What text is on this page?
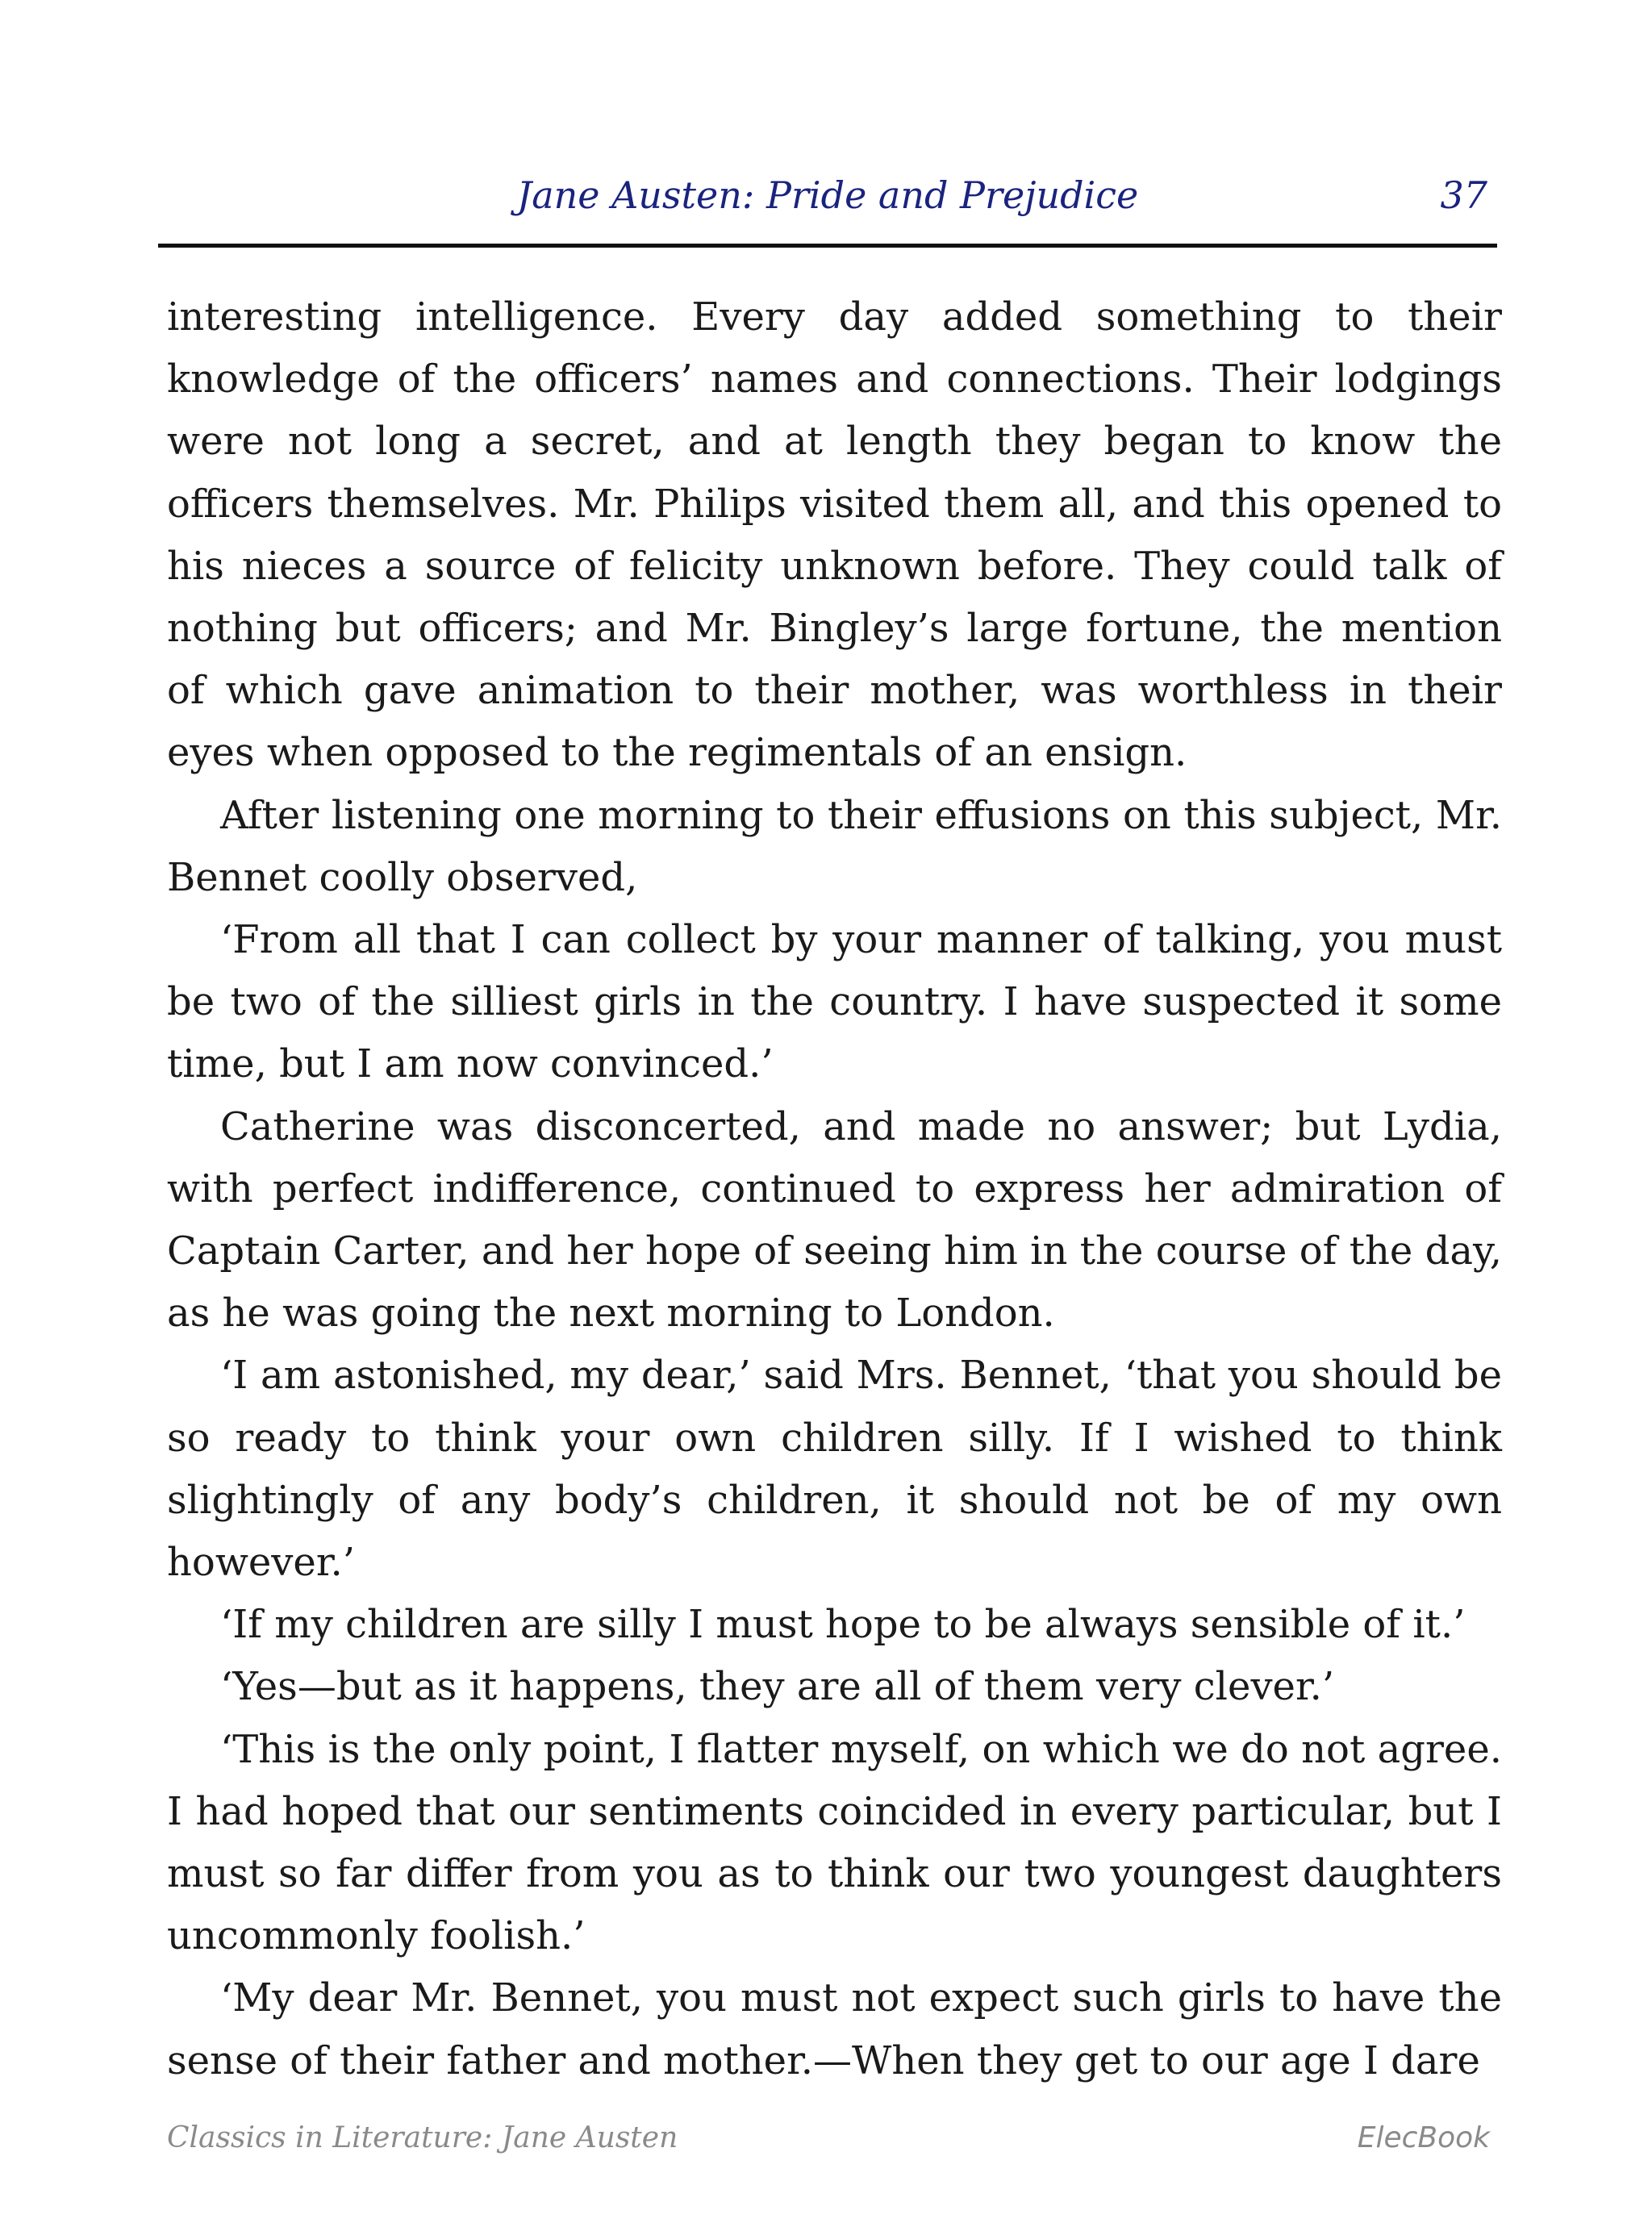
Jane Austen: Pride and Prejudice	37

interesting intelligence. Every day added something to their knowledge of the officers’ names and connections. Their lodgings were not long a secret, and at length they began to know the officers themselves. Mr. Philips visited them all, and this opened to his nieces a source of felicity unknown before. They could talk of nothing but officers; and Mr. Bingley’s large fortune, the mention of which gave animation to their mother, was worthless in their eyes when opposed to the regimentals of an ensign.

After listening one morning to their effusions on this subject, Mr. Bennet coolly observed,

‘From all that I can collect by your manner of talking, you must be two of the silliest girls in the country. I have suspected it some time, but I am now convinced.’

Catherine was disconcerted, and made no answer; but Lydia, with perfect indifference, continued to express her admiration of Captain Carter, and her hope of seeing him in the course of the day, as he was going the next morning to London.

‘I am astonished, my dear,’ said Mrs. Bennet, ‘that you should be so ready to think your own children silly. If I wished to think slightingly of any body’s children, it should not be of my own however.’

‘If my children are silly I must hope to be always sensible of it.’

‘Yes—but as it happens, they are all of them very clever.’

‘This is the only point, I flatter myself, on which we do not agree. I had hoped that our sentiments coincided in every particular, but I must so far differ from you as to think our two youngest daughters uncommonly foolish.’

‘My dear Mr. Bennet, you must not expect such girls to have the sense of their father and mother.—When they get to our age I dare

Classics in Literature: Jane Austen	ElecBook
